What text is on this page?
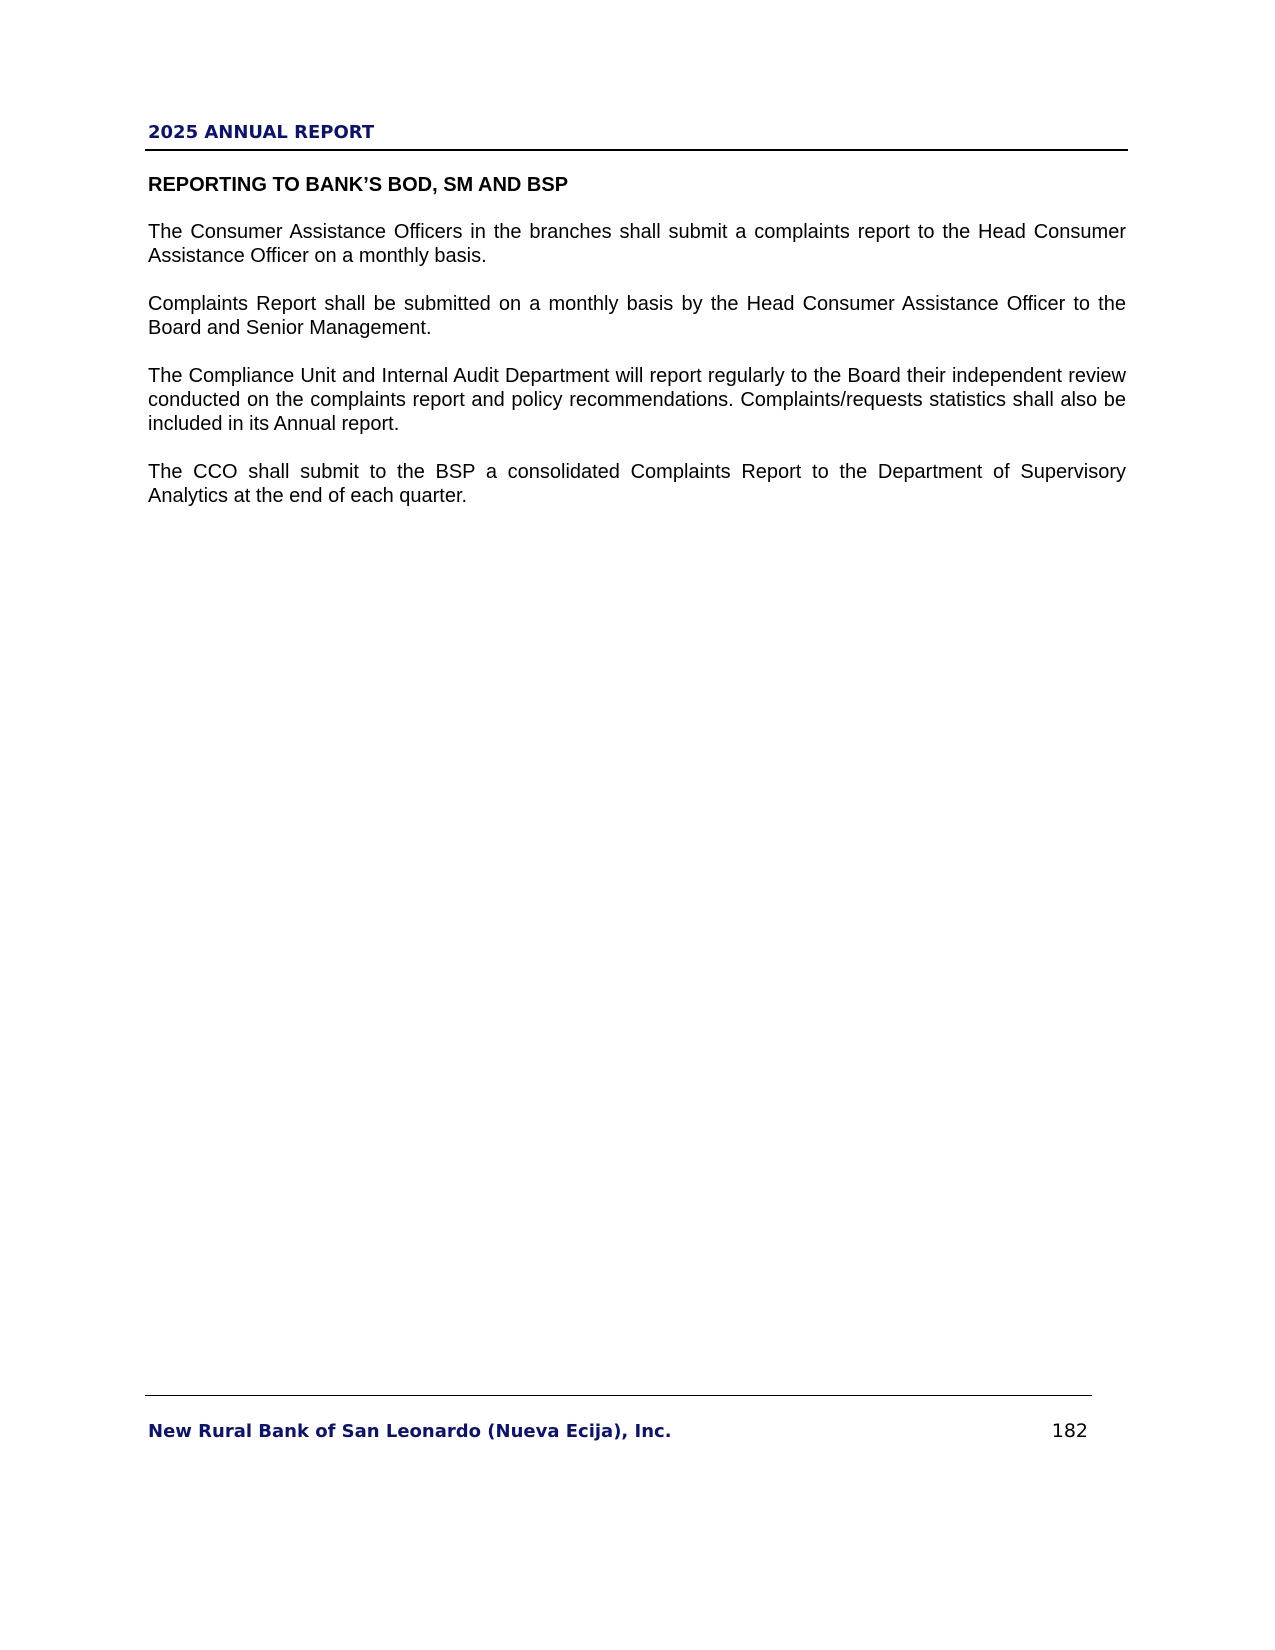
2025 ANNUAL REPORT
REPORTING TO BANK’S BOD, SM AND BSP

The Consumer Assistance Officers in the branches shall submit a complaints report to the Head Consumer Assistance Officer on a monthly basis.

Complaints Report shall be submitted on a monthly basis by the Head Consumer Assistance Officer to the Board and Senior Management.

The Compliance Unit and Internal Audit Department will report regularly to the Board their independent review conducted on the complaints report and policy recommendations. Complaints/requests statistics shall also be included in its Annual report.

The CCO shall submit to the BSP a consolidated Complaints Report to the Department of Supervisory Analytics at the end of each quarter.

New Rural Bank of San Leonardo (Nueva Ecija), Inc.	182
